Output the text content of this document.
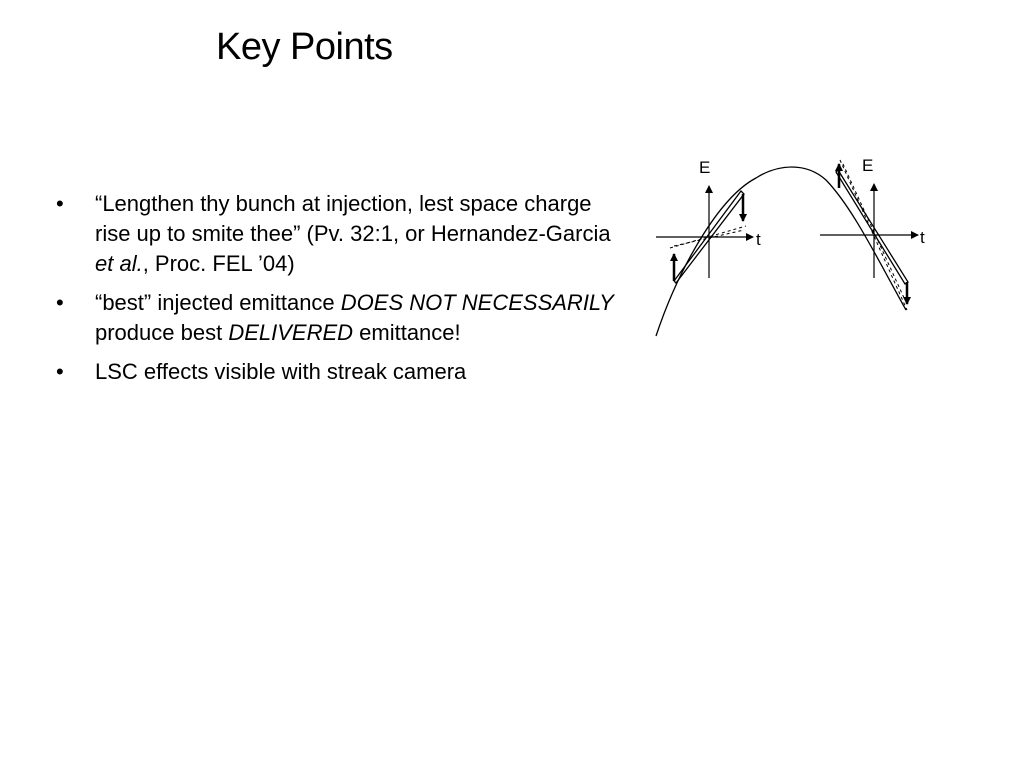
Key Points
•	“Lengthen thy bunch at injection, lest space charge rise up to smite thee” (Pv. 32:1, or Hernandez-Garcia et al., Proc. FEL ’04)
•	“best” injected emittance DOES NOT NECESSARILY produce best DELIVERED emittance!
•	LSC effects visible with streak camera
E
t
E
t
